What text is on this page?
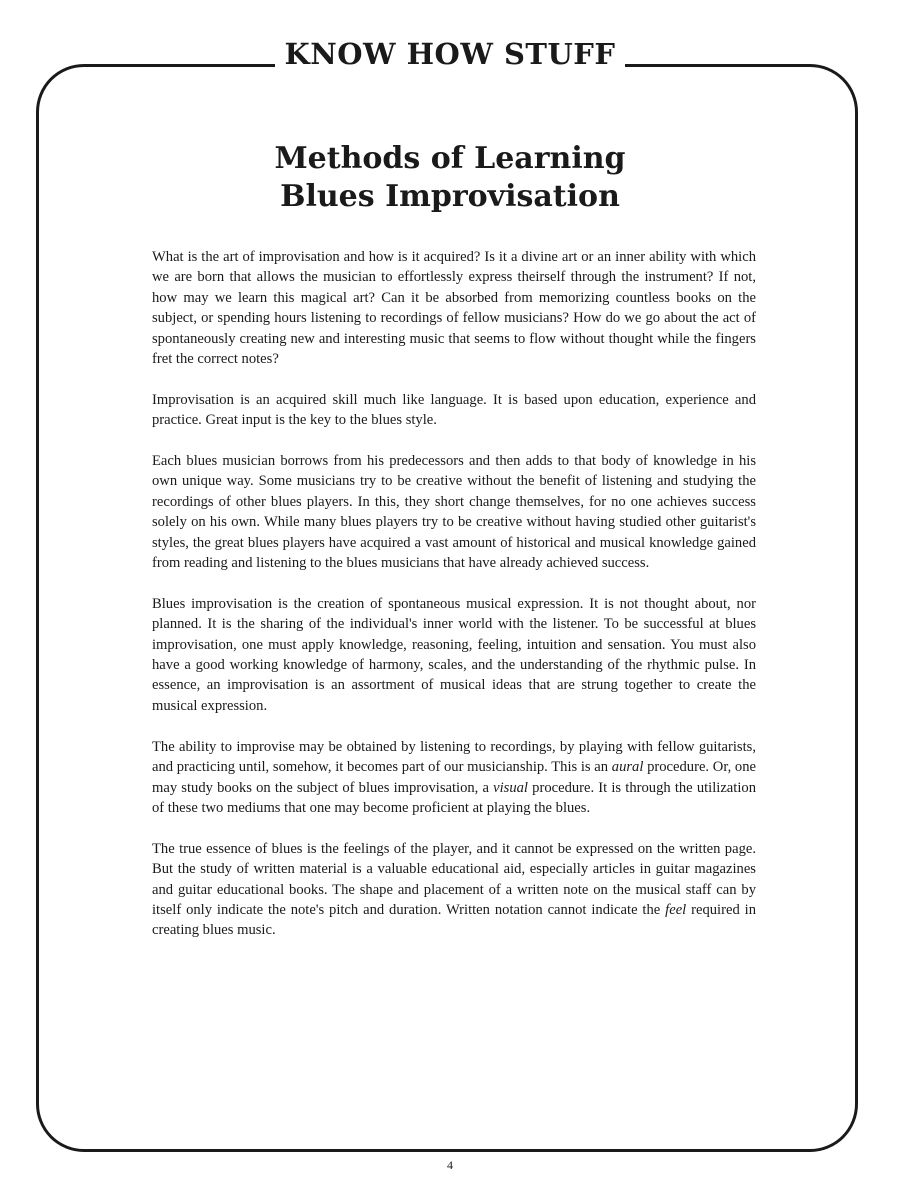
KNOW HOW STUFF
Methods of Learning
Blues Improvisation

What is the art of improvisation and how is it acquired? Is it a divine art or an inner ability with which we are born that allows the musician to effortlessly express theirself through the instrument? If not, how may we learn this magical art? Can it be absorbed from memorizing countless books on the subject, or spending hours listening to recordings of fellow musicians? How do we go about the act of spontaneously creating new and interesting music that seems to flow without thought while the fingers fret the correct notes?

Improvisation is an acquired skill much like language. It is based upon education, experience and practice. Great input is the key to the blues style.

Each blues musician borrows from his predecessors and then adds to that body of knowledge in his own unique way. Some musicians try to be creative without the benefit of listening and studying the recordings of other blues players. In this, they short change themselves, for no one achieves success solely on his own. While many blues players try to be creative without having studied other guitarist's styles, the great blues players have acquired a vast amount of historical and musical knowledge gained from reading and listening to the blues musicians that have already achieved success.

Blues improvisation is the creation of spontaneous musical expression. It is not thought about, nor planned. It is the sharing of the individual's inner world with the listener. To be successful at blues improvisation, one must apply knowledge, reasoning, feeling, intuition and sensation. You must also have a good working knowledge of harmony, scales, and the understanding of the rhythmic pulse. In essence, an improvisation is an assortment of musical ideas that are strung together to create the musical expression.

The ability to improvise may be obtained by listening to recordings, by playing with fellow guitarists, and practicing until, somehow, it becomes part of our musicianship. This is an aural procedure. Or, one may study books on the subject of blues improvisation, a visual procedure. It is through the utilization of these two mediums that one may become proficient at playing the blues.

The true essence of blues is the feelings of the player, and it cannot be expressed on the written page. But the study of written material is a valuable educational aid, especially articles in guitar magazines and guitar educational books. The shape and placement of a written note on the musical staff can by itself only indicate the note's pitch and duration. Written notation cannot indicate the feel required in creating blues music.

4
